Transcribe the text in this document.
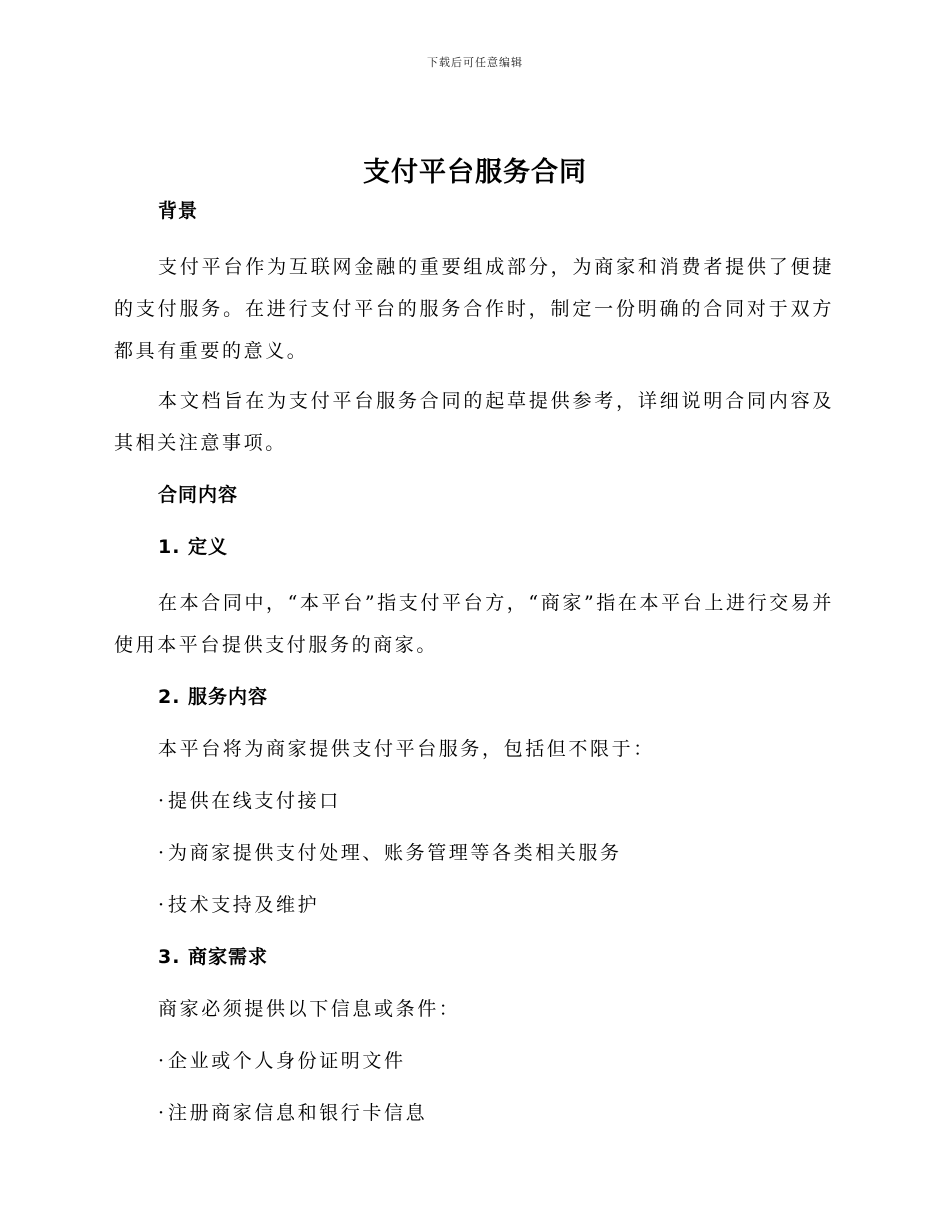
下载后可任意编辑
支付平台服务合同
背景

支付平台作为互联网金融的重要组成部分，为商家和消费者提供了便捷的支付服务。在进行支付平台的服务合作时，制定一份明确的合同对于双方都具有重要的意义。

本文档旨在为支付平台服务合同的起草提供参考，详细说明合同内容及其相关注意事项。

合同内容
1. 定义

在本合同中，“本平台”指支付平台方，“商家”指在本平台上进行交易并使用本平台提供支付服务的商家。

2. 服务内容
本平台将为商家提供支付平台服务，包括但不限于：
·提供在线支付接口
·为商家提供支付处理、账务管理等各类相关服务
·技术支持及维护
3. 商家需求
商家必须提供以下信息或条件：
·企业或个人身份证明文件
·注册商家信息和银行卡信息
